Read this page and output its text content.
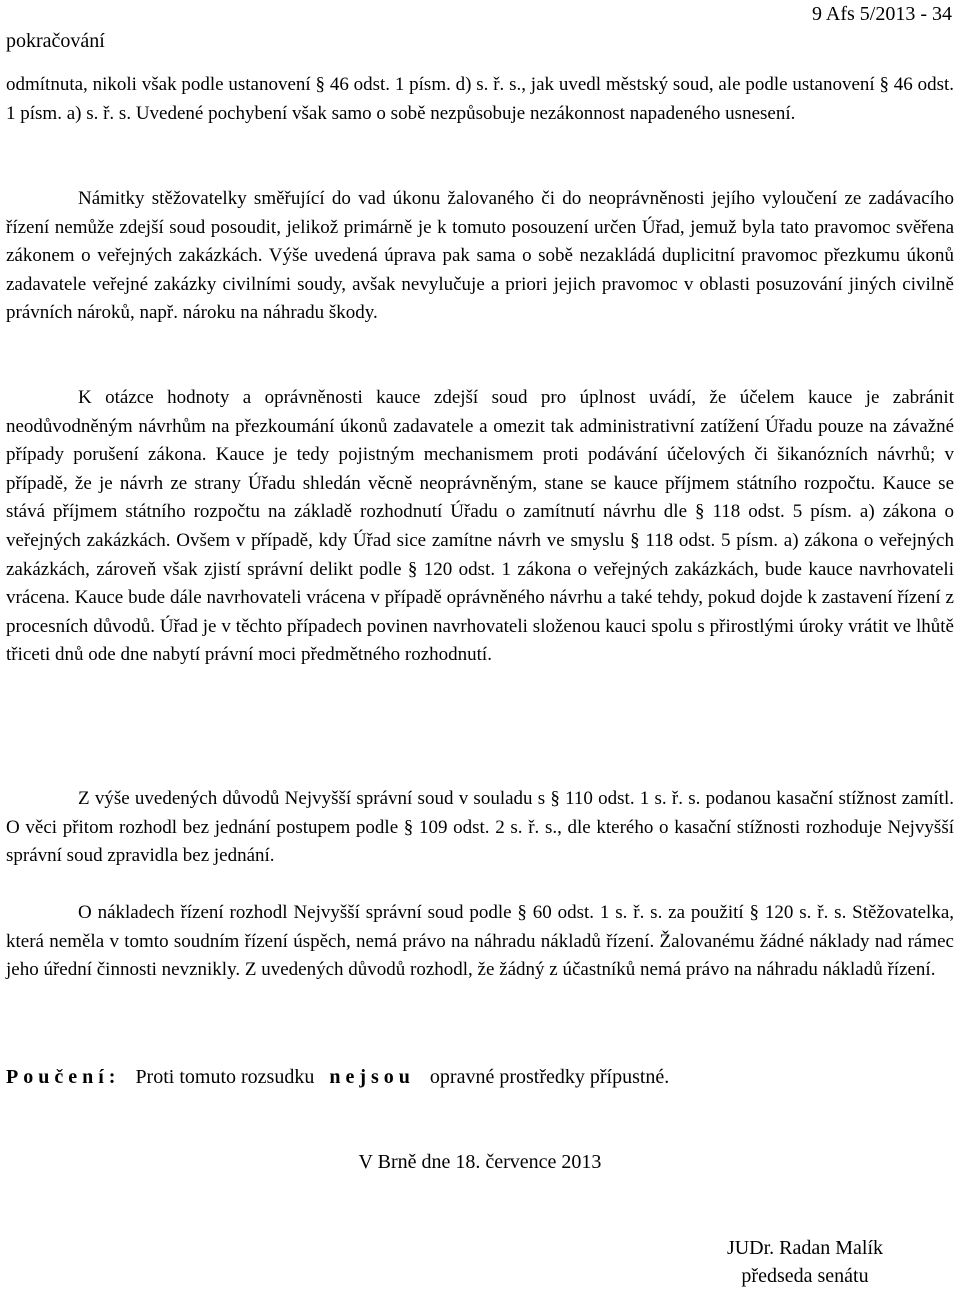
pokračování
9 Afs 5/2013 - 34

odmítnuta, nikoli však podle ustanovení § 46 odst. 1 písm. d) s. ř. s., jak uvedl městský soud, ale podle ustanovení § 46 odst. 1 písm. a) s. ř. s. Uvedené pochybení však samo o sobě nezpůsobuje nezákonnost napadeného usnesení.

Námitky stěžovatelky směřující do vad úkonu žalovaného či do neoprávněnosti jejího vyloučení ze zadávacího řízení nemůže zdejší soud posoudit, jelikož primárně je k tomuto posouzení určen Úřad, jemuž byla tato pravomoc svěřena zákonem o veřejných zakázkách. Výše uvedená úprava pak sama o sobě nezakládá duplicitní pravomoc přezkumu úkonů zadavatele veřejné zakázky civilními soudy, avšak nevylučuje a priori jejich pravomoc v oblasti posuzování jiných civilně právních nároků, např. nároku na náhradu škody.

K otázce hodnoty a oprávněnosti kauce zdejší soud pro úplnost uvádí, že účelem kauce je zabránit neodůvodněným návrhům na přezkoumání úkonů zadavatele a omezit tak administrativní zatížení Úřadu pouze na závažné případy porušení zákona. Kauce je tedy pojistným mechanismem proti podávání účelových či šikanózních návrhů; v případě, že je návrh ze strany Úřadu shledán věcně neoprávněným, stane se kauce příjmem státního rozpočtu. Kauce se stává příjmem státního rozpočtu na základě rozhodnutí Úřadu o zamítnutí návrhu dle § 118 odst. 5 písm. a) zákona o veřejných zakázkách. Ovšem v případě, kdy Úřad sice zamítne návrh ve smyslu § 118 odst. 5 písm. a) zákona o veřejných zakázkách, zároveň však zjistí správní delikt podle § 120 odst. 1 zákona o veřejných zakázkách, bude kauce navrhovateli vrácena. Kauce bude dále navrhovateli vrácena v případě oprávněného návrhu a také tehdy, pokud dojde k zastavení řízení z procesních důvodů. Úřad je v těchto případech povinen navrhovateli složenou kauci spolu s přirostlými úroky vrátit ve lhůtě třiceti dnů ode dne nabytí právní moci předmětného rozhodnutí.

Z výše uvedených důvodů Nejvyšší správní soud v souladu s § 110 odst. 1 s. ř. s. podanou kasační stížnost zamítl. O věci přitom rozhodl bez jednání postupem podle § 109 odst. 2 s. ř. s., dle kterého o kasační stížnosti rozhoduje Nejvyšší správní soud zpravidla bez jednání.

O nákladech řízení rozhodl Nejvyšší správní soud podle § 60 odst. 1 s. ř. s. za použití § 120 s. ř. s. Stěžovatelka, která neměla v tomto soudním řízení úspěch, nemá právo na náhradu nákladů řízení. Žalovanému žádné náklady nad rámec jeho úřední činnosti nevznikly. Z uvedených důvodů rozhodl, že žádný z účastníků nemá právo na náhradu nákladů řízení.

Poučení: Proti tomuto rozsudku nejsou opravné prostředky přípustné.
V Brně dne 18. července 2013
JUDr. Radan Malík
předseda senátu
